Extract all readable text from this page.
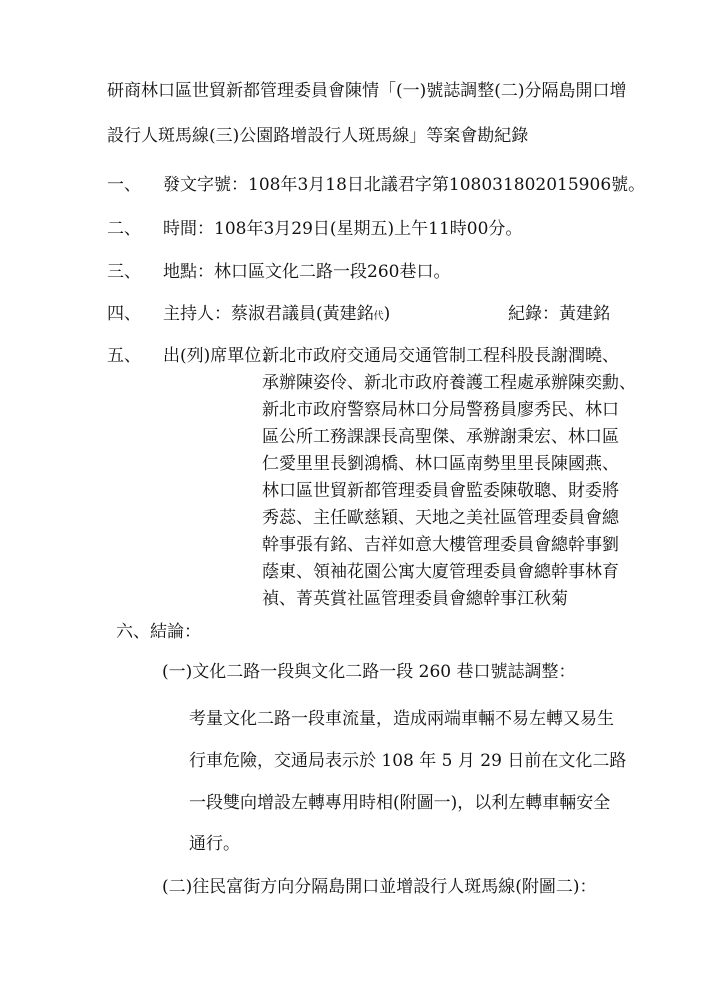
研商林口區世貿新都管理委員會陳情「(一)號誌調整(二)分隔島開口增
設行人斑馬線(三)公園路增設行人斑馬線」等案會勘紀錄
一、 發文字號：108年3月18日北議君字第108031802015906號。
二、 時間：108年3月29日(星期五)上午11時00分。
三、 地點：林口區文化二路一段260巷口。
四、 主持人：蔡淑君議員(黃建銘代)	紀錄：黃建銘
五、 出(列)席單位：
新北市政府交通局交通管制工程科股長謝潤曉、
承辦陳姿伶、新北市政府養護工程處承辦陳奕勳、
新北市政府警察局林口分局警務員廖秀民、林口
區公所工務課課長高聖傑、承辦謝秉宏、林口區
仁愛里里長劉鴻橋、林口區南勢里里長陳國燕、
林口區世貿新都管理委員會監委陳敬聰、財委將
秀蕊、主任歐慈穎、天地之美社區管理委員會總
幹事張有銘、吉祥如意大樓管理委員會總幹事劉
蔭東、領袖花園公寓大廈管理委員會總幹事林育
禎、菁英賞社區管理委員會總幹事江秋菊
六、結論：
(一)文化二路一段與文化二路一段 260 巷口號誌調整：
考量文化二路一段車流量，造成兩端車輛不易左轉又易生
行車危險，交通局表示於 108 年 5 月 29 日前在文化二路
一段雙向增設左轉專用時相(附圖一)，以利左轉車輛安全
通行。
(二)往民富街方向分隔島開口並增設行人斑馬線(附圖二)：
